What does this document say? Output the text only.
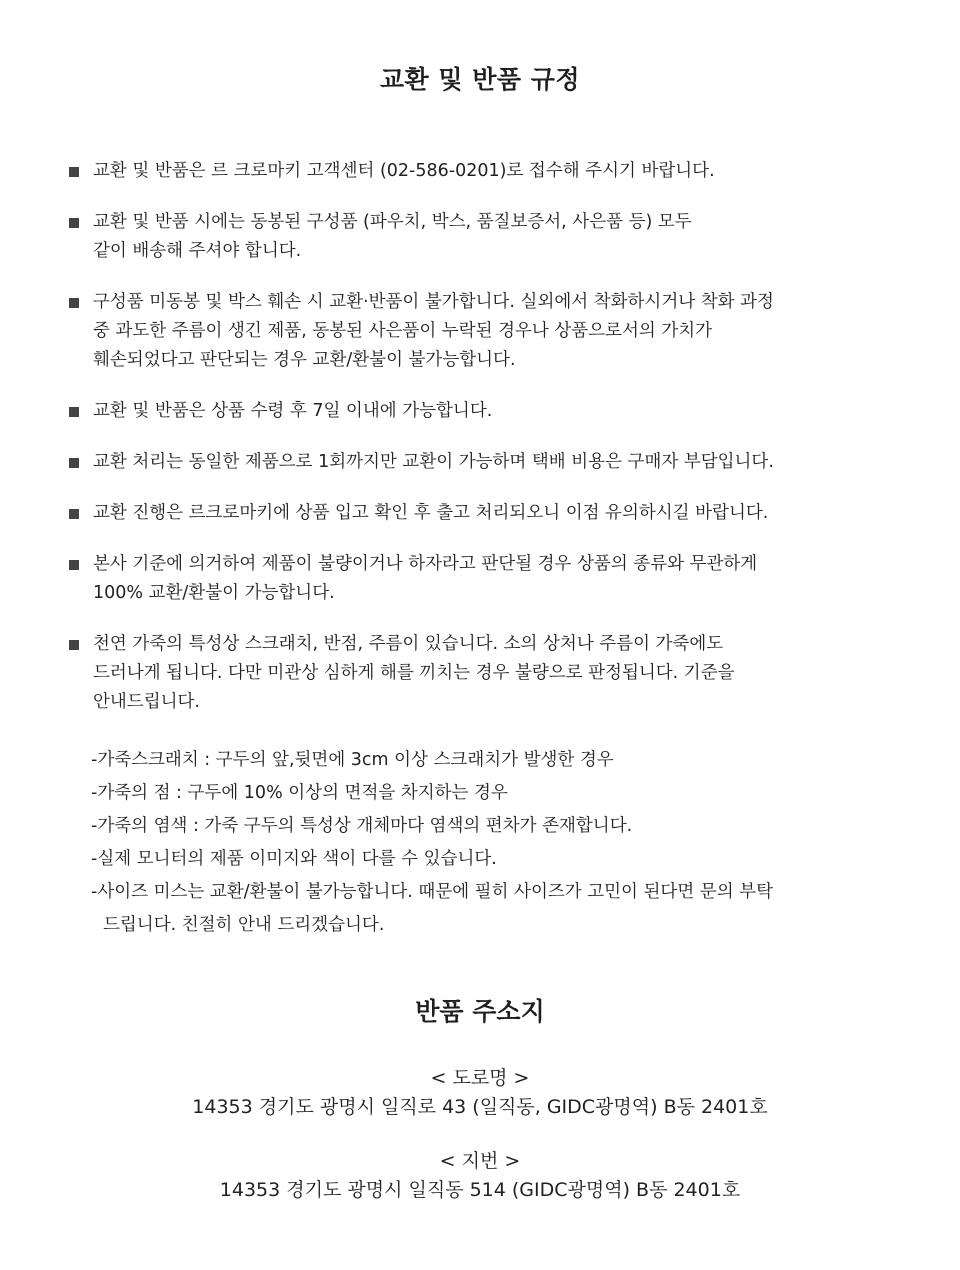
교환 및 반품 규정
교환 및 반품은 르 크로마키 고객센터 (02-586-0201)로 접수해 주시기 바랍니다.
교환 및 반품 시에는 동봉된 구성품 (파우치, 박스, 품질보증서, 사은품 등) 모두
같이 배송해 주셔야 합니다.
구성품 미동봉 및 박스 훼손 시 교환·반품이 불가합니다. 실외에서 착화하시거나 착화 과정
중 과도한 주름이 생긴 제품, 동봉된 사은품이 누락된 경우나 상품으로서의 가치가
훼손되었다고 판단되는 경우 교환/환불이 불가능합니다.
교환 및 반품은 상품 수령 후 7일 이내에 가능합니다.
교환 처리는 동일한 제품으로 1회까지만 교환이 가능하며 택배 비용은 구매자 부담입니다.
교환 진행은 르크로마키에 상품 입고 확인 후 출고 처리되오니 이점 유의하시길 바랍니다.
본사 기준에 의거하여 제품이 불량이거나 하자라고 판단될 경우 상품의 종류와 무관하게
100% 교환/환불이 가능합니다.
천연 가죽의 특성상 스크래치, 반점, 주름이 있습니다. 소의 상처나 주름이 가죽에도
드러나게 됩니다. 다만 미관상 심하게 해를 끼치는 경우 불량으로 판정됩니다. 기준을
안내드립니다.
-가죽스크래치 : 구두의 앞,뒷면에 3cm 이상 스크래치가 발생한 경우
-가죽의 점 : 구두에 10% 이상의 면적을 차지하는 경우
-가죽의 염색 : 가죽 구두의 특성상 개체마다 염색의 편차가 존재합니다.
-실제 모니터의 제품 이미지와 색이 다를 수 있습니다.
-사이즈 미스는 교환/환불이 불가능합니다. 때문에 필히 사이즈가 고민이 된다면 문의 부탁
드립니다. 친절히 안내 드리겠습니다.
반품 주소지
< 도로명 >
14353 경기도 광명시 일직로 43 (일직동, GIDC광명역) B동 2401호
< 지번 >
14353 경기도 광명시 일직동 514 (GIDC광명역) B동 2401호
